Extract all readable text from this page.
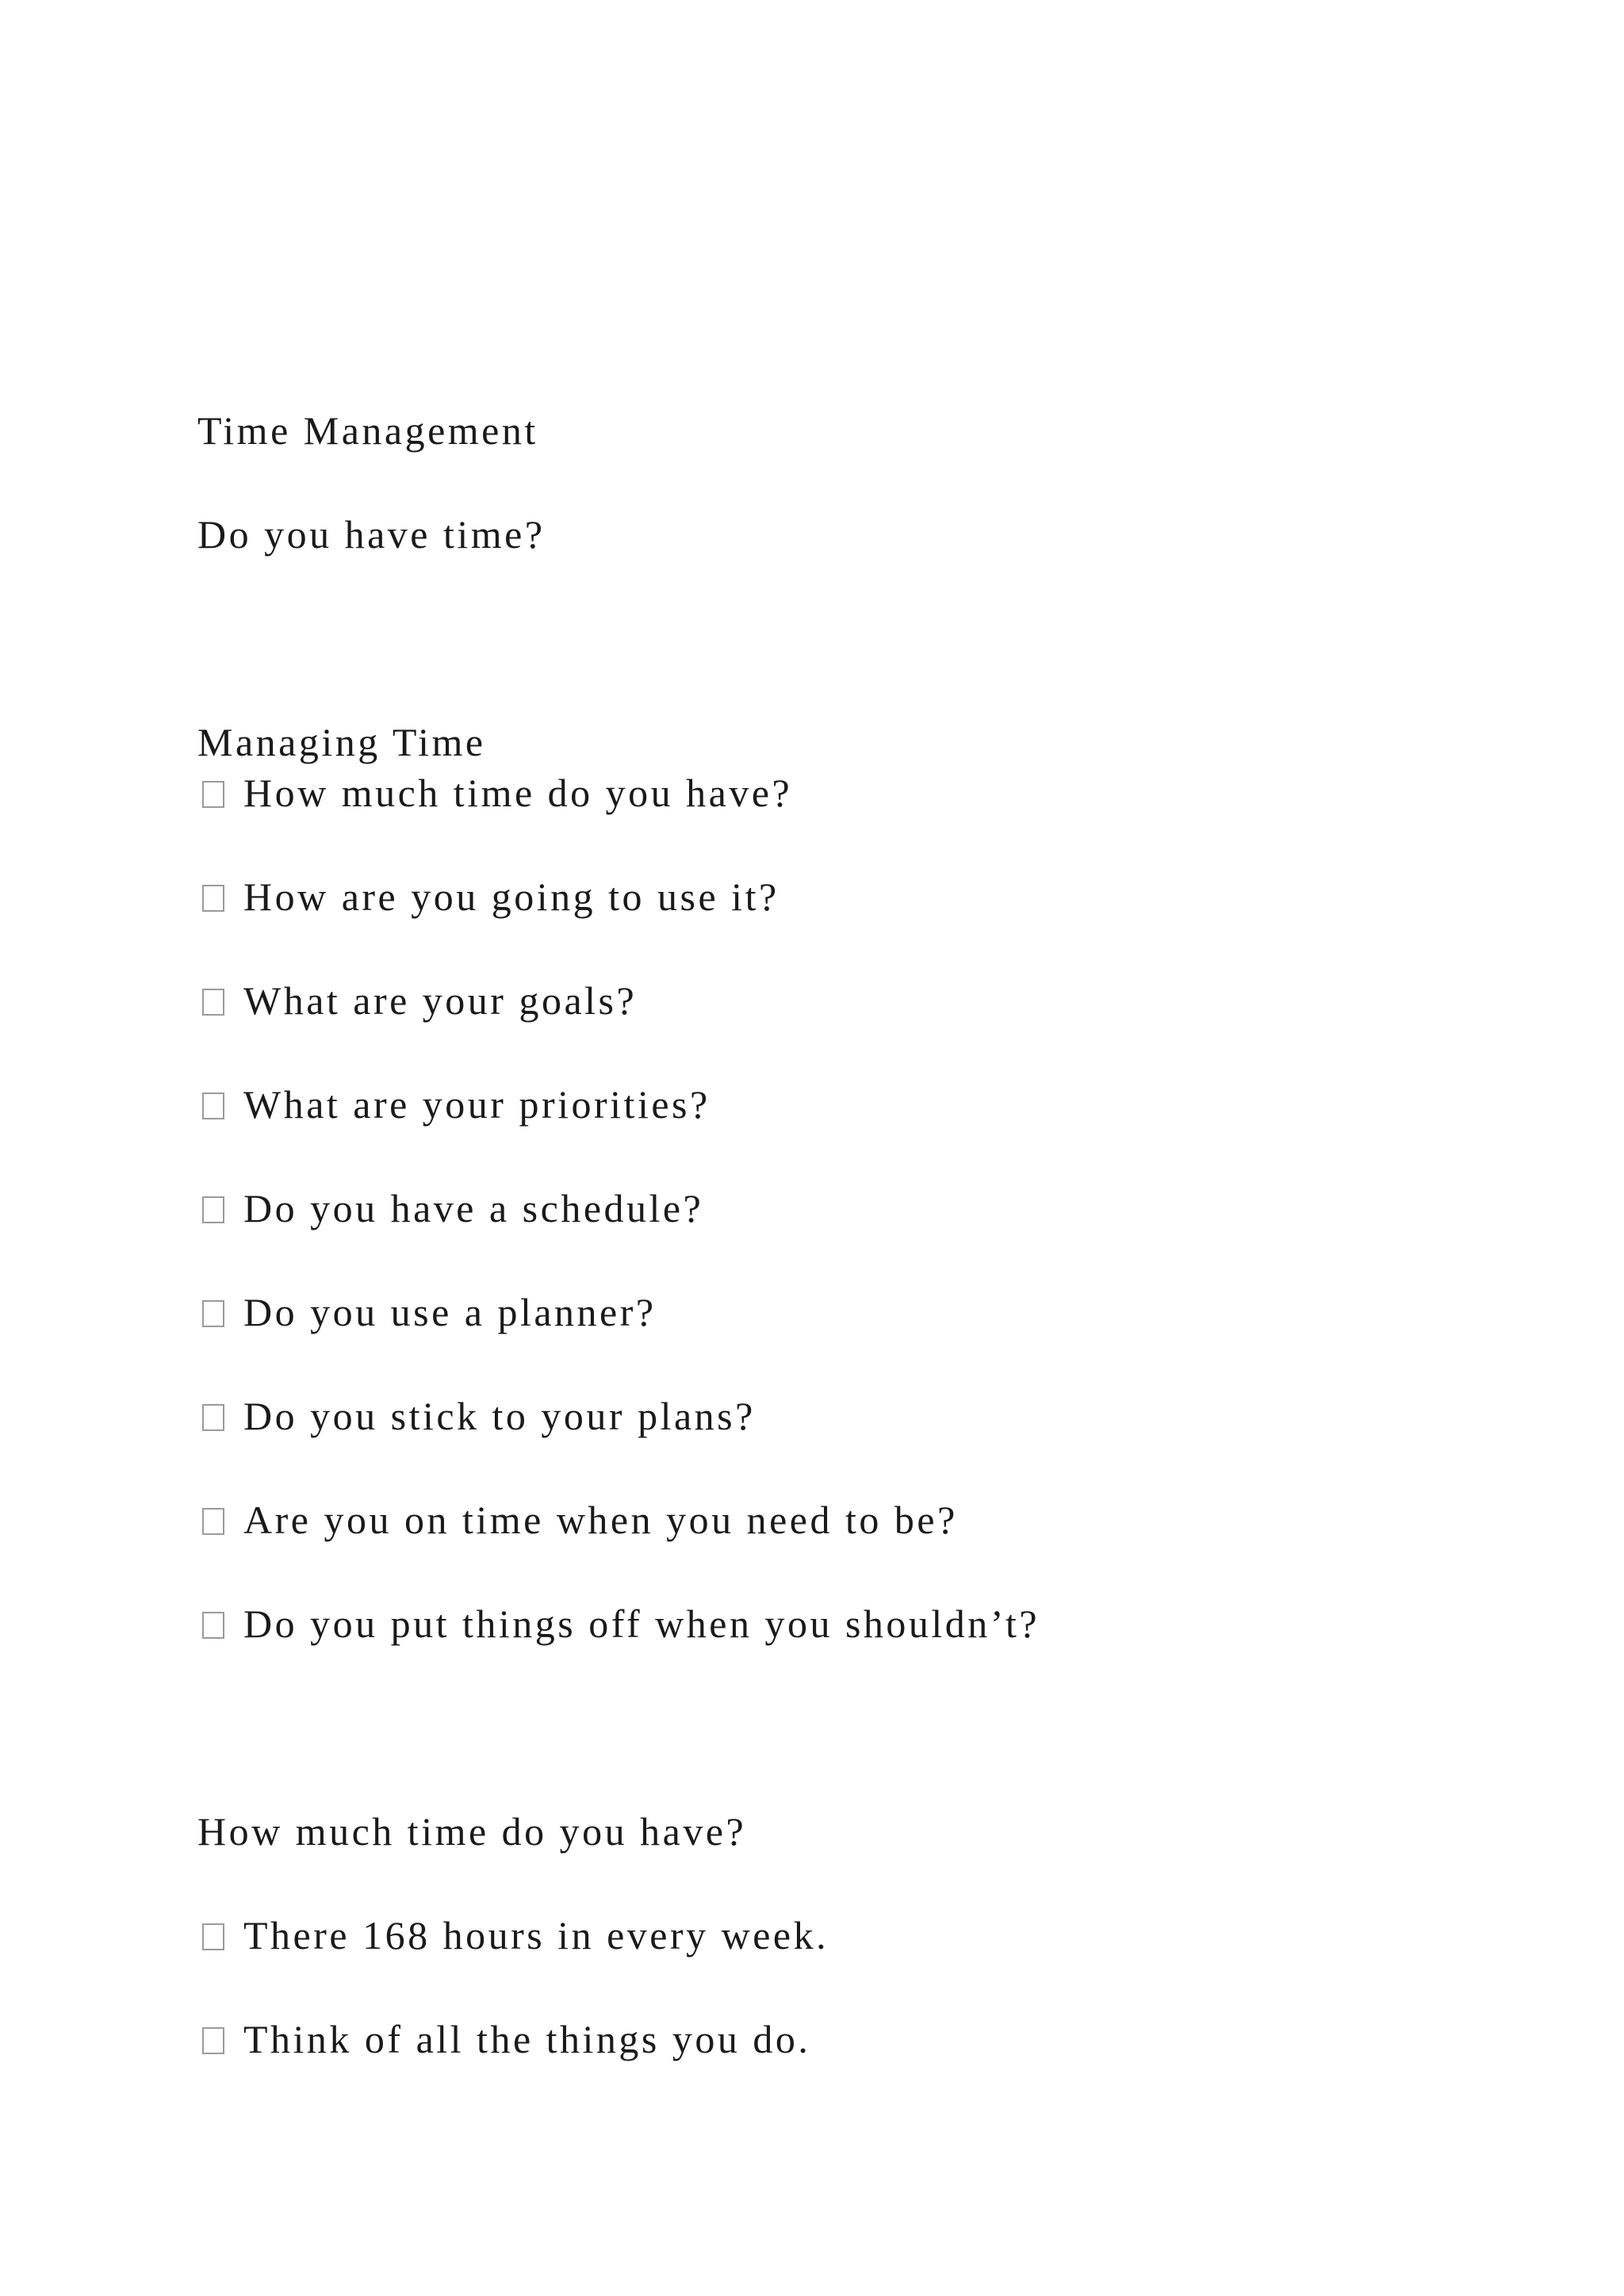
Time Management
Do you have time?
Managing Time
How much time do you have?
How are you going to use it?
What are your goals?
What are your priorities?
Do you have a schedule?
Do you use a planner?
Do you stick to your plans?
Are you on time when you need to be?
Do you put things off when you shouldn’t?
How much time do you have?
There 168 hours in every week.
Think of all the things you do.
